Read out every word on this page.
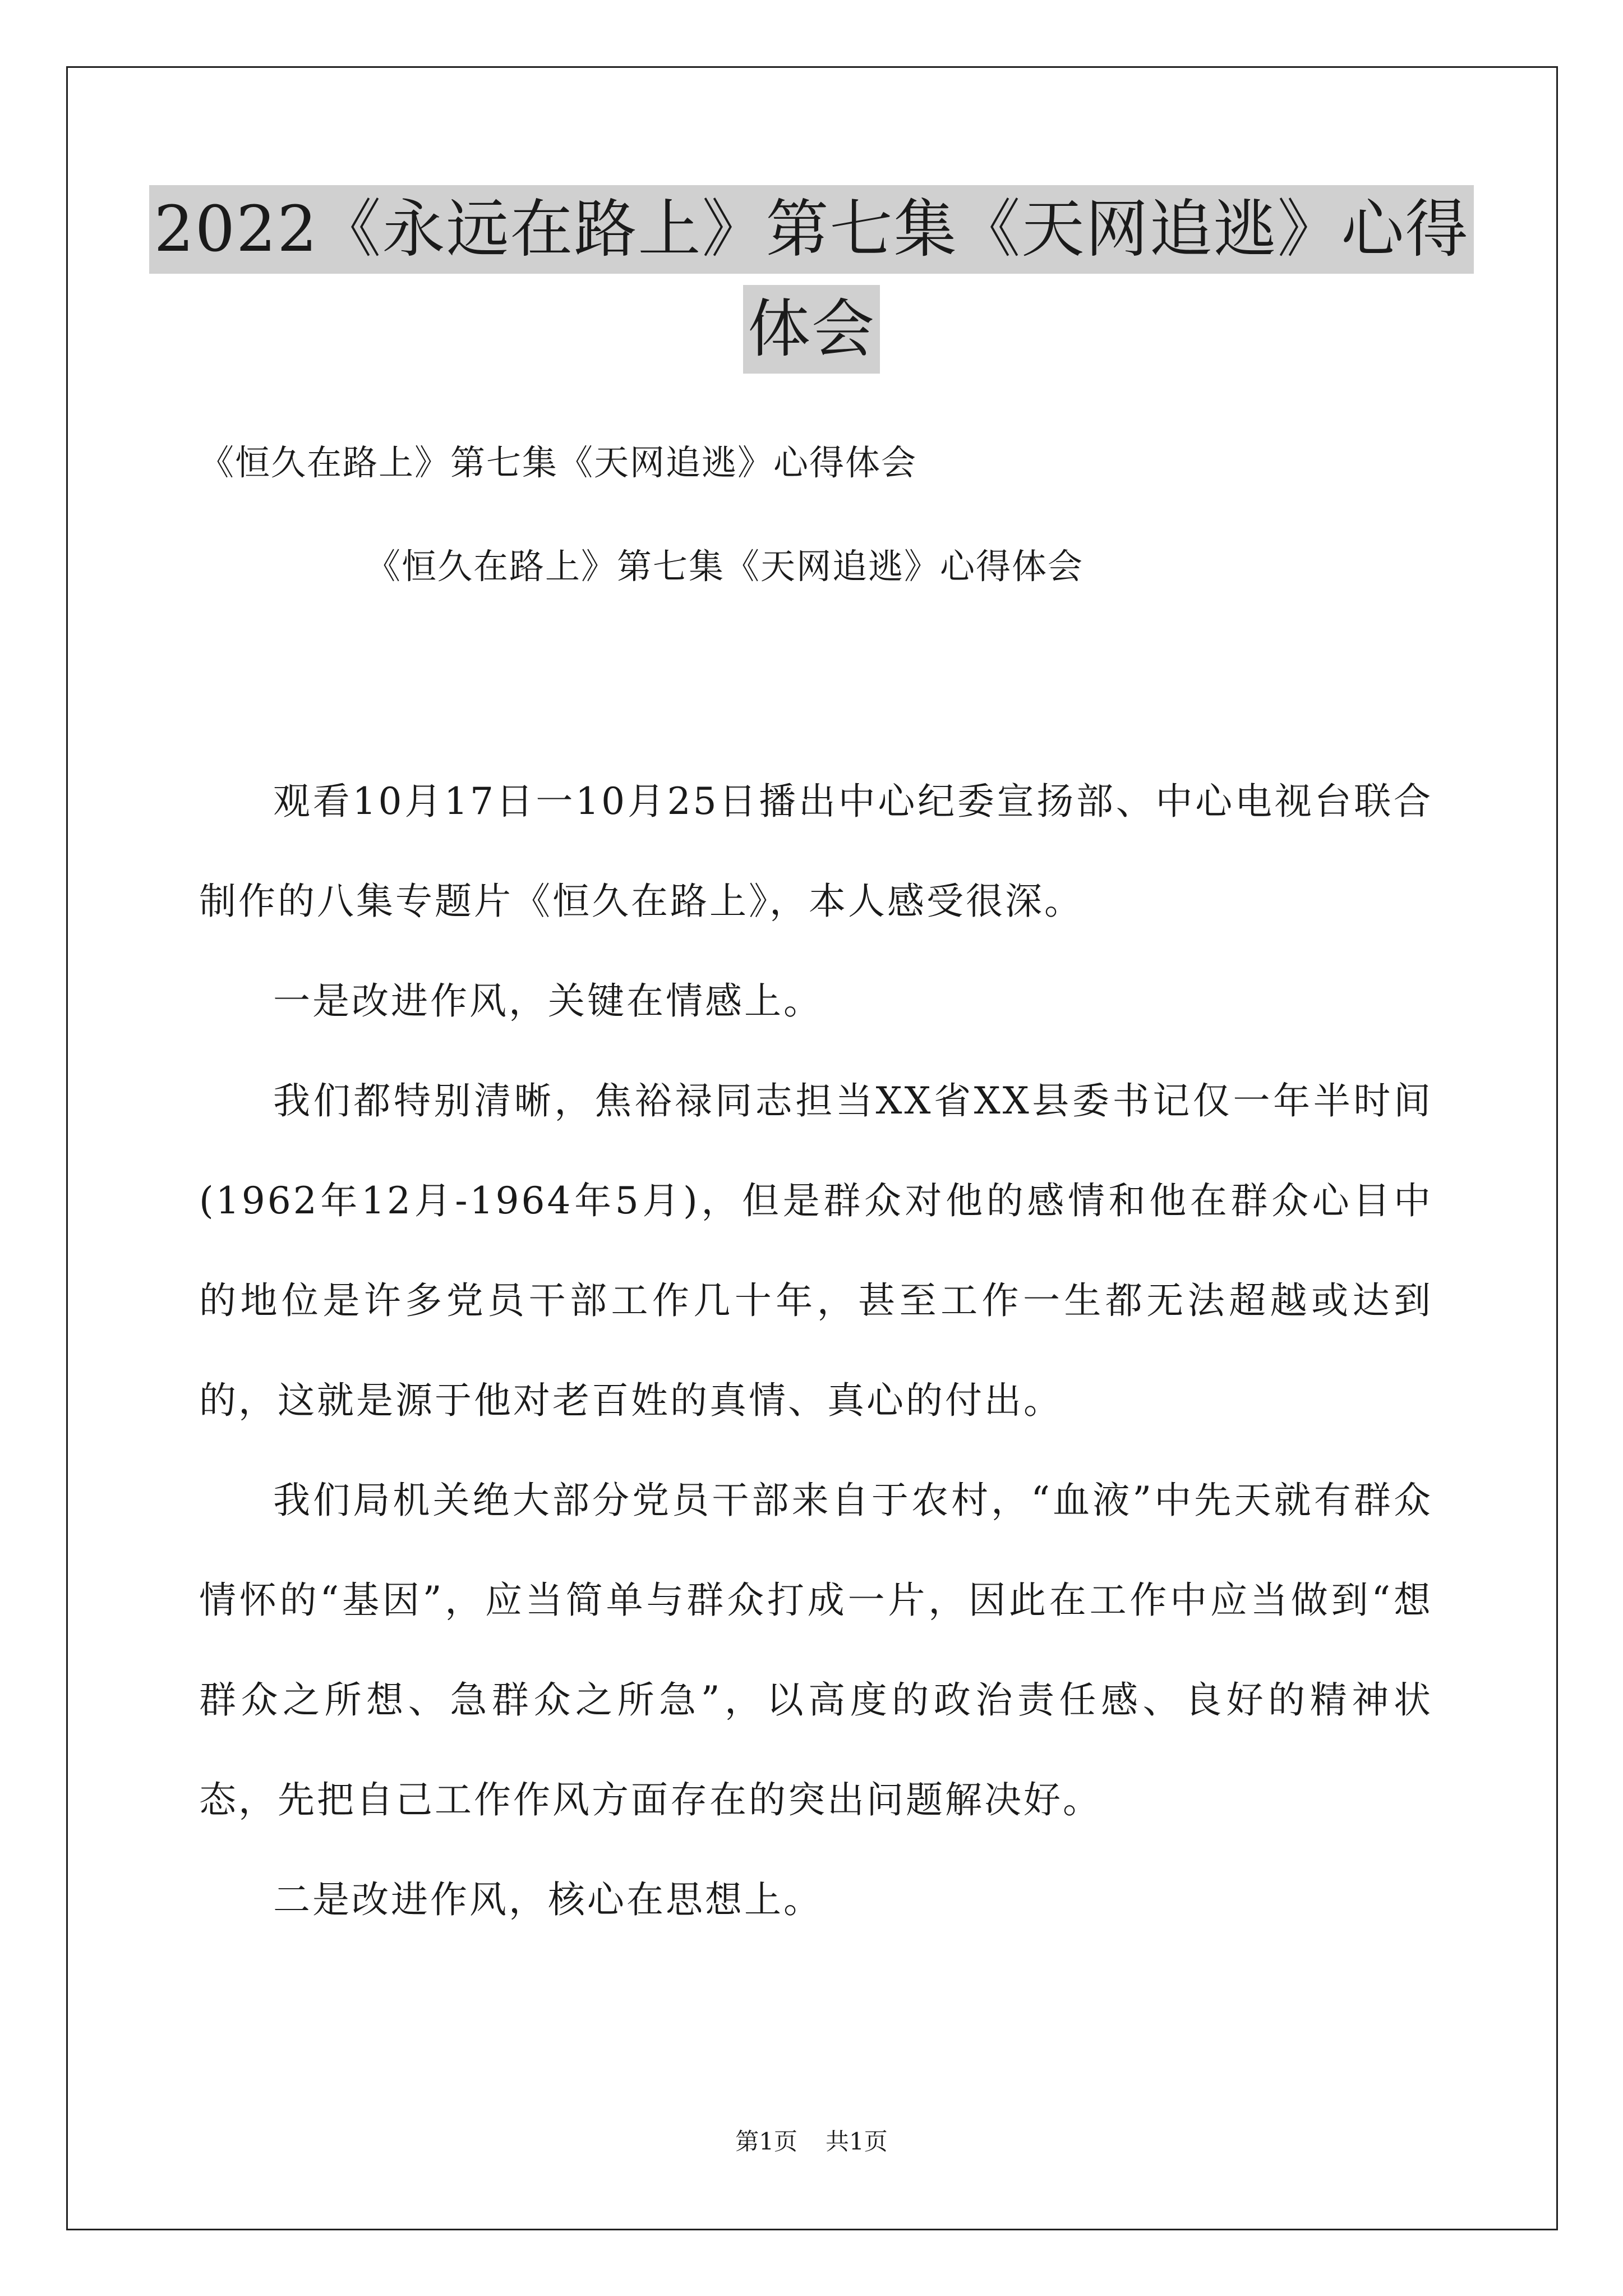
2022《永远在路上》第七集《天网追逃》心得
体会
《恒久在路上》第七集《天网追逃》心得体会
《恒久在路上》第七集《天网追逃》心得体会

观看10月17日一10月25日播出中心纪委宣扬部、中心电视台联合制作的八集专题片《恒久在路上》，本人感受很深。

一是改进作风，关键在情感上。

我们都特别清晰，焦裕禄同志担当XX省XX县委书记仅一年半时间(1962年12月-1964年5月)，但是群众对他的感情和他在群众心目中的地位是许多党员干部工作几十年，甚至工作一生都无法超越或达到的，这就是源于他对老百姓的真情、真心的付出。

我们局机关绝大部分党员干部来自于农村，“血液”中先天就有群众情怀的“基因”，应当简单与群众打成一片，因此在工作中应当做到“想群众之所想、急群众之所急”，以高度的政治责任感、良好的精神状态，先把自己工作作风方面存在的突出问题解决好。

二是改进作风，核心在思想上。

第1页 共1页
